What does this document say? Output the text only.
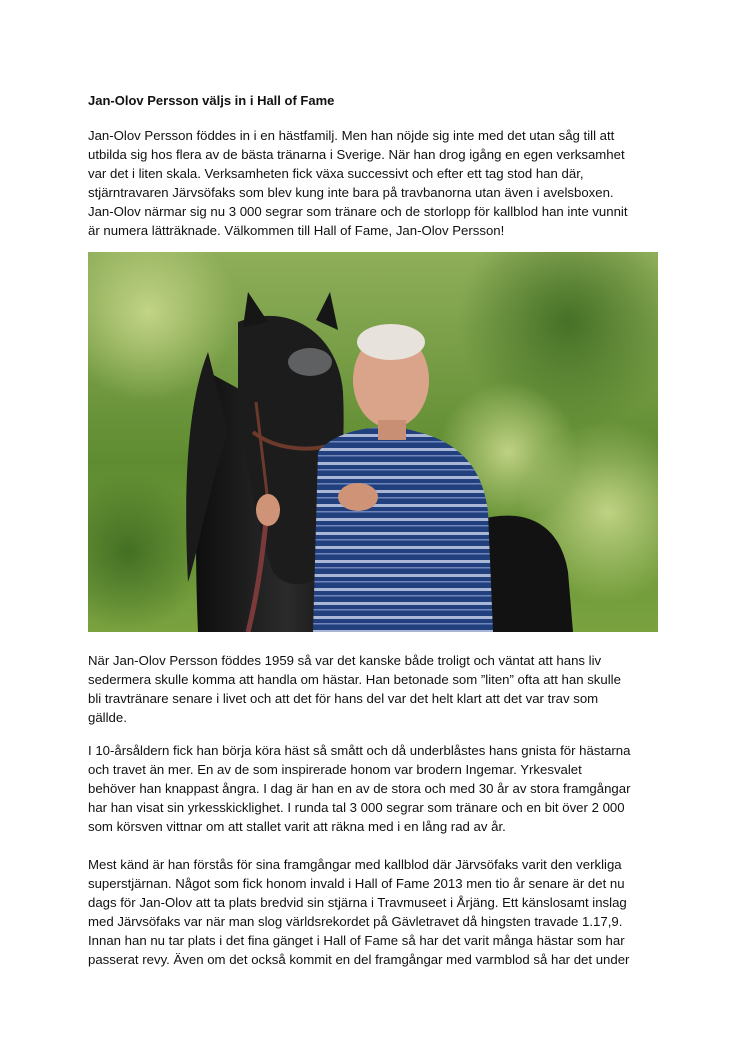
Jan-Olov Persson väljs in i Hall of Fame

Jan-Olov Persson föddes in i en hästfamilj. Men han nöjde sig inte med det utan såg till att
utbilda sig hos flera av de bästa tränarna i Sverige. När han drog igång en egen verksamhet
var det i liten skala. Verksamheten fick växa successivt och efter ett tag stod han där,
stjärntravaren Järvsöfaks som blev kung inte bara på travbanorna utan även i avelsboxen.
Jan-Olov närmar sig nu 3 000 segrar som tränare och de storlopp för kallblod han inte vunnit
är numera lätträknade. Välkommen till Hall of Fame, Jan-Olov Persson!

När Jan-Olov Persson föddes 1959 så var det kanske både troligt och väntat att hans liv
sedermera skulle komma att handla om hästar. Han betonade som ”liten” ofta att han skulle
bli travtränare senare i livet och att det för hans del var det helt klart att det var trav som
gällde.

I 10-årsåldern fick han börja köra häst så smått och då underblåstes hans gnista för hästarna
och travet än mer. En av de som inspirerade honom var brodern Ingemar. Yrkesvalet
behöver han knappast ångra. I dag är han en av de stora och med 30 år av stora framgångar
har han visat sin yrkesskicklighet. I runda tal 3 000 segrar som tränare och en bit över 2 000
som körsven vittnar om att stallet varit att räkna med i en lång rad av år.

Mest känd är han förstås för sina framgångar med kallblod där Järvsöfaks varit den verkliga
superstjärnan. Något som fick honom invald i Hall of Fame 2013 men tio år senare är det nu
dags för Jan-Olov att ta plats bredvid sin stjärna i Travmuseet i Årjäng. Ett känslosamt inslag
med Järvsöfaks var när man slog världsrekordet på Gävletravet då hingsten travade 1.17,9.
Innan han nu tar plats i det fina gänget i Hall of Fame så har det varit många hästar som har
passerat revy. Även om det också kommit en del framgångar med varmblod så har det under
